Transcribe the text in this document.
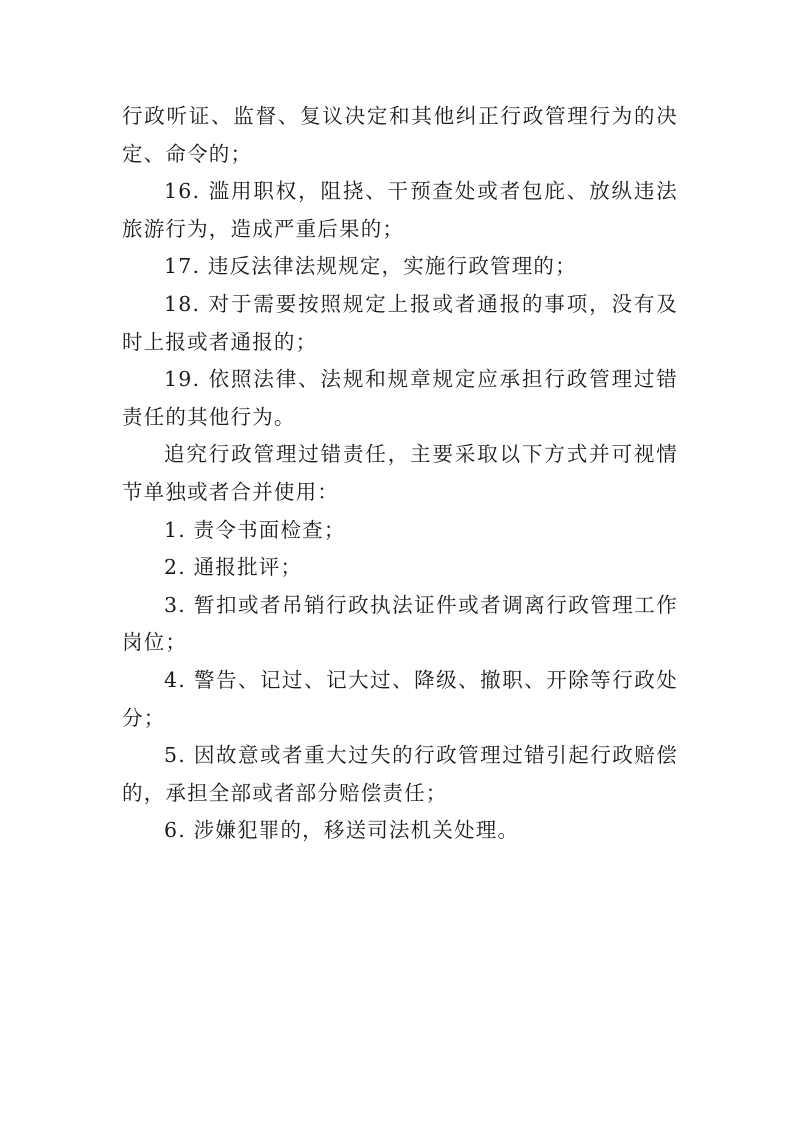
行政听证、监督、复议决定和其他纠正行政管理行为的决定、命令的；

16. 滥用职权，阻挠、干预查处或者包庇、放纵违法旅游行为，造成严重后果的；

17. 违反法律法规规定，实施行政管理的；

18. 对于需要按照规定上报或者通报的事项，没有及时上报或者通报的；

19. 依照法律、法规和规章规定应承担行政管理过错责任的其他行为。

追究行政管理过错责任，主要采取以下方式并可视情节单独或者合并使用：

1. 责令书面检查；

2. 通报批评；

3. 暂扣或者吊销行政执法证件或者调离行政管理工作岗位；

4. 警告、记过、记大过、降级、撤职、开除等行政处分；

5. 因故意或者重大过失的行政管理过错引起行政赔偿的，承担全部或者部分赔偿责任；

6. 涉嫌犯罪的，移送司法机关处理。
